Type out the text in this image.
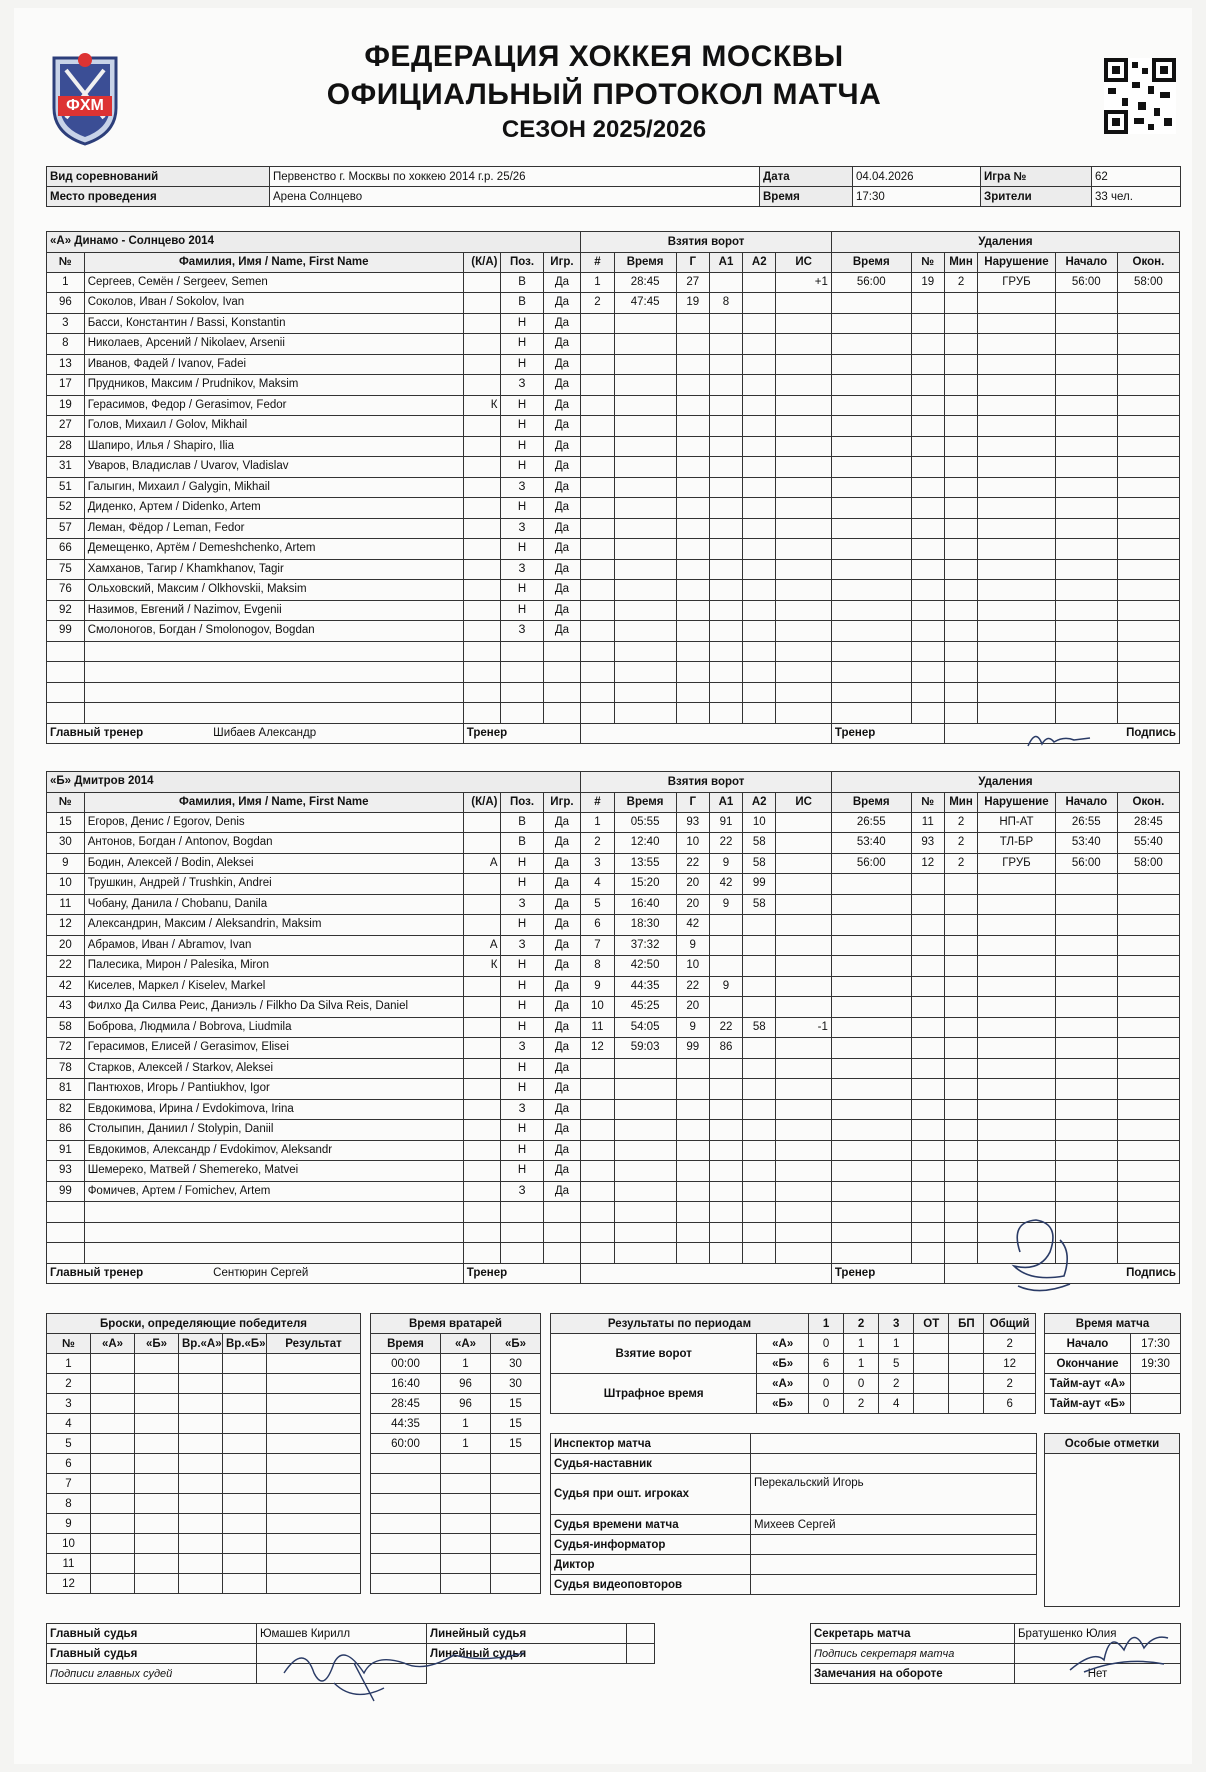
ФХМ
ФЕДЕРАЦИЯ ХОККЕЯ МОСКВЫ
ОФИЦИАЛЬНЫЙ ПРОТОКОЛ МАТЧА
СЕЗОН 2025/2026
Вид соревнований	Первенство г. Москвы по хоккею 2014 г.р. 25/26	Дата	04.04.2026	Игра №	62
Место проведения	Арена Солнцево	Время	17:30	Зрители	33 чел.
«А» Динамо - Солнцево 2014					Взятия ворот						Удаления					
№	Фамилия, Имя / Name, First Name	(К/А)	Поз.	Игр.	#	Время	Г	А1	А2	ИС	Время	№	Мин	Нарушение	Начало	Окон.
1	Сергеев, Семён / Sergeev, Semen		В	Да	1	28:45	27			+1	56:00	19	2	ГРУБ	56:00	58:00
96	Соколов, Иван / Sokolov, Ivan		В	Да	2	47:45	19	8								
3	Басси, Константин / Bassi, Konstantin		Н	Да												
8	Николаев, Арсений / Nikolaev, Arsenii		Н	Да												
13	Иванов, Фадей / Ivanov, Fadei		Н	Да												
17	Прудников, Максим / Prudnikov, Maksim		З	Да												
19	Герасимов, Федор / Gerasimov, Fedor	К	Н	Да												
27	Голов, Михаил / Golov, Mikhail		Н	Да												
28	Шапиро, Илья / Shapiro, Ilia		Н	Да												
31	Уваров, Владислав / Uvarov, Vladislav		Н	Да												
51	Галыгин, Михаил / Galygin, Mikhail		З	Да												
52	Диденко, Артем / Didenko, Artem		Н	Да												
57	Леман, Фёдор / Leman, Fedor		З	Да												
66	Демещенко, Артём / Demeshchenko, Artem		Н	Да												
75	Хамханов, Тагир / Khamkhanov, Tagir		З	Да												
76	Ольховский, Максим / Olkhovskii, Maksim		Н	Да												
92	Назимов, Евгений / Nazimov, Evgenii		Н	Да												
99	Смолоногов, Богдан / Smolonogov, Bogdan		З	Да												

Главный тренер Шибаев Александр		Тренер									Тренер		Подпись			
«Б» Дмитров 2014					Взятия ворот						Удаления					
№	Фамилия, Имя / Name, First Name	(К/А)	Поз.	Игр.	#	Время	Г	А1	А2	ИС	Время	№	Мин	Нарушение	Начало	Окон.
15	Егоров, Денис / Egorov, Denis		В	Да	1	05:55	93	91	10		26:55	11	2	НП-АТ	26:55	28:45
30	Антонов, Богдан / Antonov, Bogdan		В	Да	2	12:40	10	22	58		53:40	93	2	ТЛ-БР	53:40	55:40
9	Бодин, Алексей / Bodin, Aleksei	А	Н	Да	3	13:55	22	9	58		56:00	12	2	ГРУБ	56:00	58:00
10	Трушкин, Андрей / Trushkin, Andrei		Н	Да	4	15:20	20	42	99							
11	Чобану, Данила / Chobanu, Danila		З	Да	5	16:40	20	9	58							
12	Александрин, Максим / Aleksandrin, Maksim		Н	Да	6	18:30	42									
20	Абрамов, Иван / Abramov, Ivan	А	З	Да	7	37:32	9									
22	Палесика, Мирон / Palesika, Miron	К	Н	Да	8	42:50	10									
42	Киселев, Маркел / Kiselev, Markel		Н	Да	9	44:35	22	9								
43	Филхо Да Силва Реис, Даниэль / Filkho Da Silva Reis, Daniel		Н	Да	10	45:25	20									
58	Боброва, Людмила / Bobrova, Liudmila		Н	Да	11	54:05	9	22	58	-1						
72	Герасимов, Елисей / Gerasimov, Elisei		З	Да	12	59:03	99	86								
78	Старков, Алексей / Starkov, Aleksei		Н	Да												
81	Пантюхов, Игорь / Pantiukhov, Igor		Н	Да												
82	Евдокимова, Ирина / Evdokimova, Irina		З	Да												
86	Столыпин, Даниил / Stolypin, Daniil		Н	Да												
91	Евдокимов, Александр / Evdokimov, Aleksandr		Н	Да												
93	Шемереко, Матвей / Shemereko, Matvei		Н	Да												
99	Фомичев, Артем / Fomichev, Artem		З	Да												

Главный тренер Сентюрин Сергей		Тренер									Тренер		Подпись			
Броски, определяющие победителя					
№	«А»	«Б»	Вр.«А»	Вр.«Б»	Результат
1					
2					
3					
4					
5					
6					
7					
8					
9					
10					
11					
12					
Время вратарей		
Время	«А»	«Б»
00:00	1	30
16:40	96	30
28:45	96	15
44:35	1	15
60:00	1	15

Результаты по периодам		1	2	3	ОТ	БП	Общий
Взятие ворот	«А»	0	1	1			2
	«Б»	6	1	5			12
Штрафное время	«А»	0	0	2			2
	«Б»	0	2	4			6
Время матча	
Начало	17:30
Окончание	19:30
Тайм-аут «А»	
Тайм-аут «Б»	
Инспектор матча	
Судья-наставник	
Судья при ошт. игроках	Перекальский Игорь
Судья времени матча	Михеев Сергей
Судья-информатор	
Диктор	
Судья видеоповторов	
Особые отметки

Главный судья	Юмашев Кирилл	Линейный судья	
Главный судья		Линейный судья	
Подписи главных судей			
Секретарь матча	Братушенко Юлия
Подпись секретаря матча	
Замечания на обороте	Нет
